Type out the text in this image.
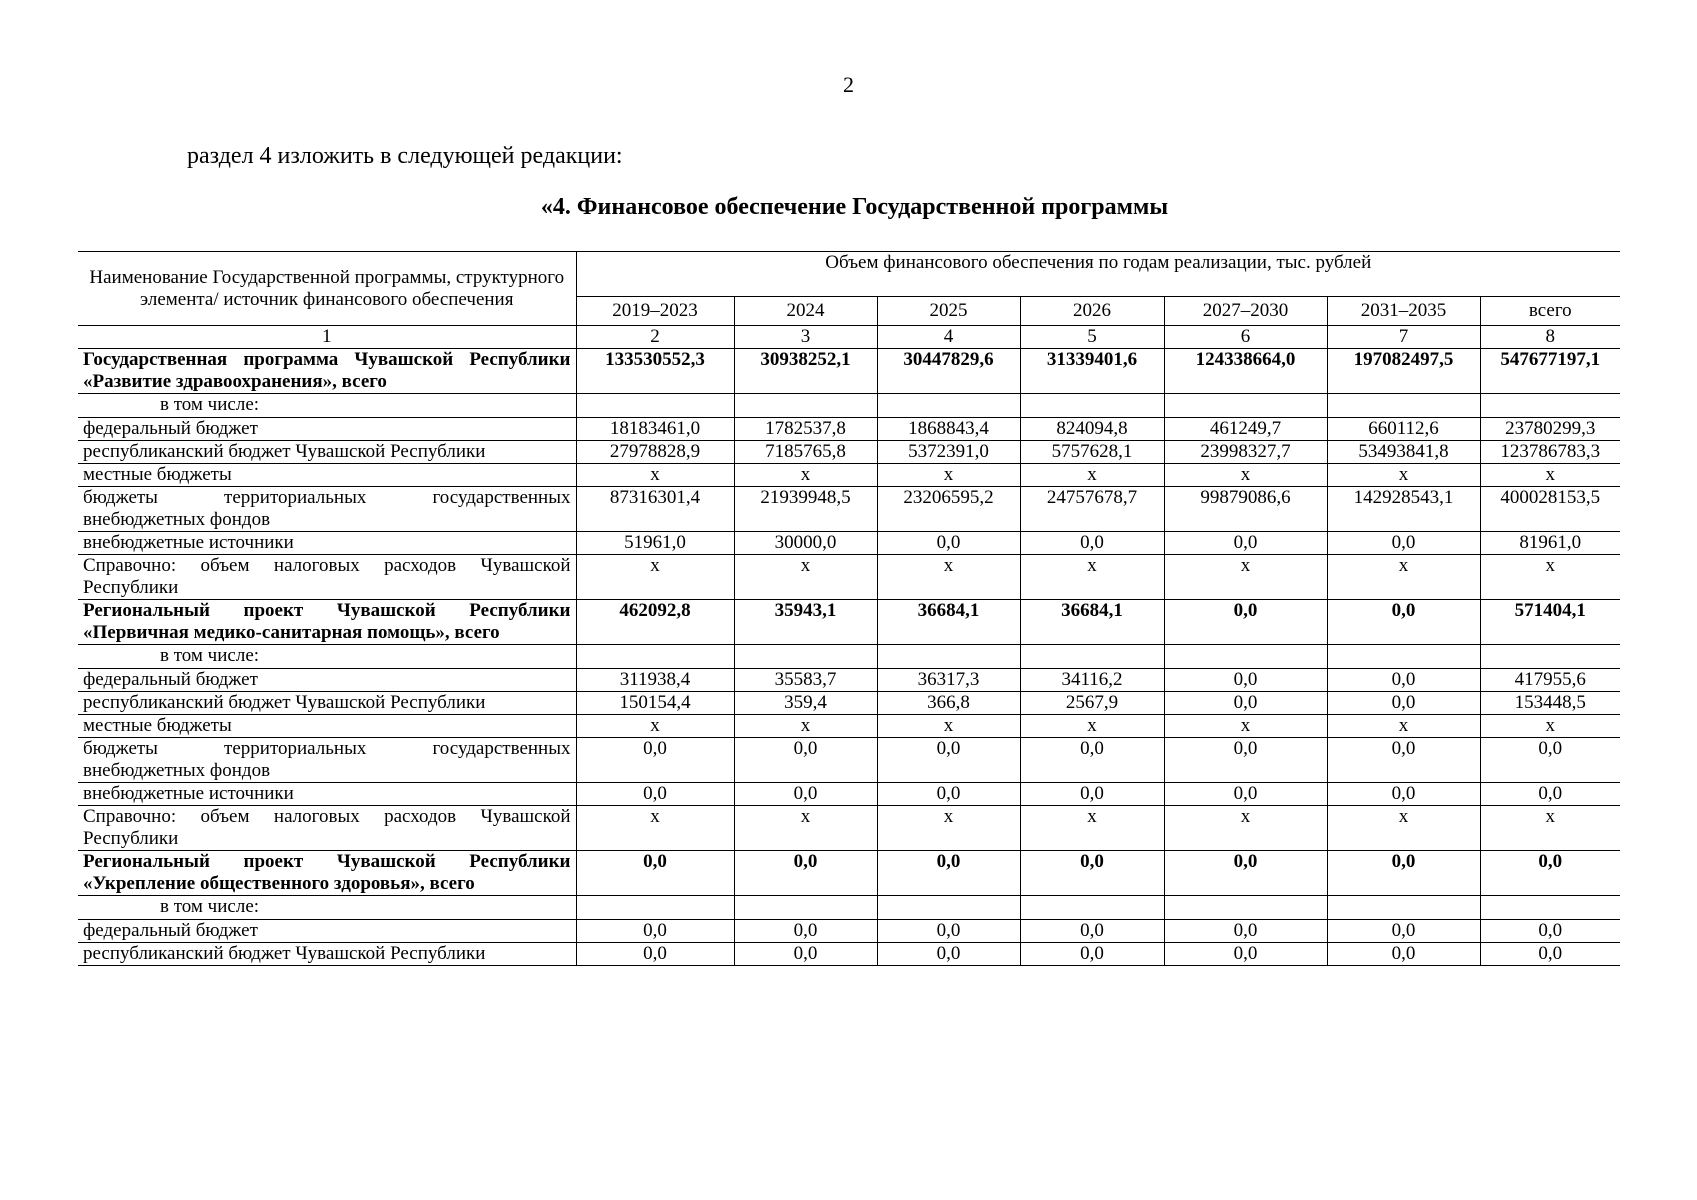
2
раздел 4 изложить в следующей редакции:
«4. Финансовое обеспечение Государственной программы
Наименование Государственной программы, структурного элемента/ источник финансового обеспечения	Объем финансового обеспечения по годам реализации, тыс. рублей						
	2019–2023	2024	2025	2026	2027–2030	2031–2035	всего
1	2	3	4	5	6	7	8
Государственная программа Чувашской Республики «Развитие здравоохранения», всего	133530552,3	30938252,1	30447829,6	31339401,6	124338664,0	197082497,5	547677197,1
в том числе:							
федеральный бюджет	18183461,0	1782537,8	1868843,4	824094,8	461249,7	660112,6	23780299,3
республиканский бюджет Чувашской Республики	27978828,9	7185765,8	5372391,0	5757628,1	23998327,7	53493841,8	123786783,3
местные бюджеты	х	х	х	х	х	х	х
бюджеты территориальных государственных внебюджетных фондов	87316301,4	21939948,5	23206595,2	24757678,7	99879086,6	142928543,1	400028153,5
внебюджетные источники	51961,0	30000,0	0,0	0,0	0,0	0,0	81961,0
Справочно: объем налоговых расходов Чувашской Республики	х	х	х	х	х	х	х
Региональный проект Чувашской Республики «Первичная медико-санитарная помощь», всего	462092,8	35943,1	36684,1	36684,1	0,0	0,0	571404,1
в том числе:							
федеральный бюджет	311938,4	35583,7	36317,3	34116,2	0,0	0,0	417955,6
республиканский бюджет Чувашской Республики	150154,4	359,4	366,8	2567,9	0,0	0,0	153448,5
местные бюджеты	х	х	х	х	х	х	х
бюджеты территориальных государственных внебюджетных фондов	0,0	0,0	0,0	0,0	0,0	0,0	0,0
внебюджетные источники	0,0	0,0	0,0	0,0	0,0	0,0	0,0
Справочно: объем налоговых расходов Чувашской Республики	х	х	х	х	х	х	х
Региональный проект Чувашской Республики «Укрепление общественного здоровья», всего	0,0	0,0	0,0	0,0	0,0	0,0	0,0
в том числе:							
федеральный бюджет	0,0	0,0	0,0	0,0	0,0	0,0	0,0
республиканский бюджет Чувашской Республики	0,0	0,0	0,0	0,0	0,0	0,0	0,0
